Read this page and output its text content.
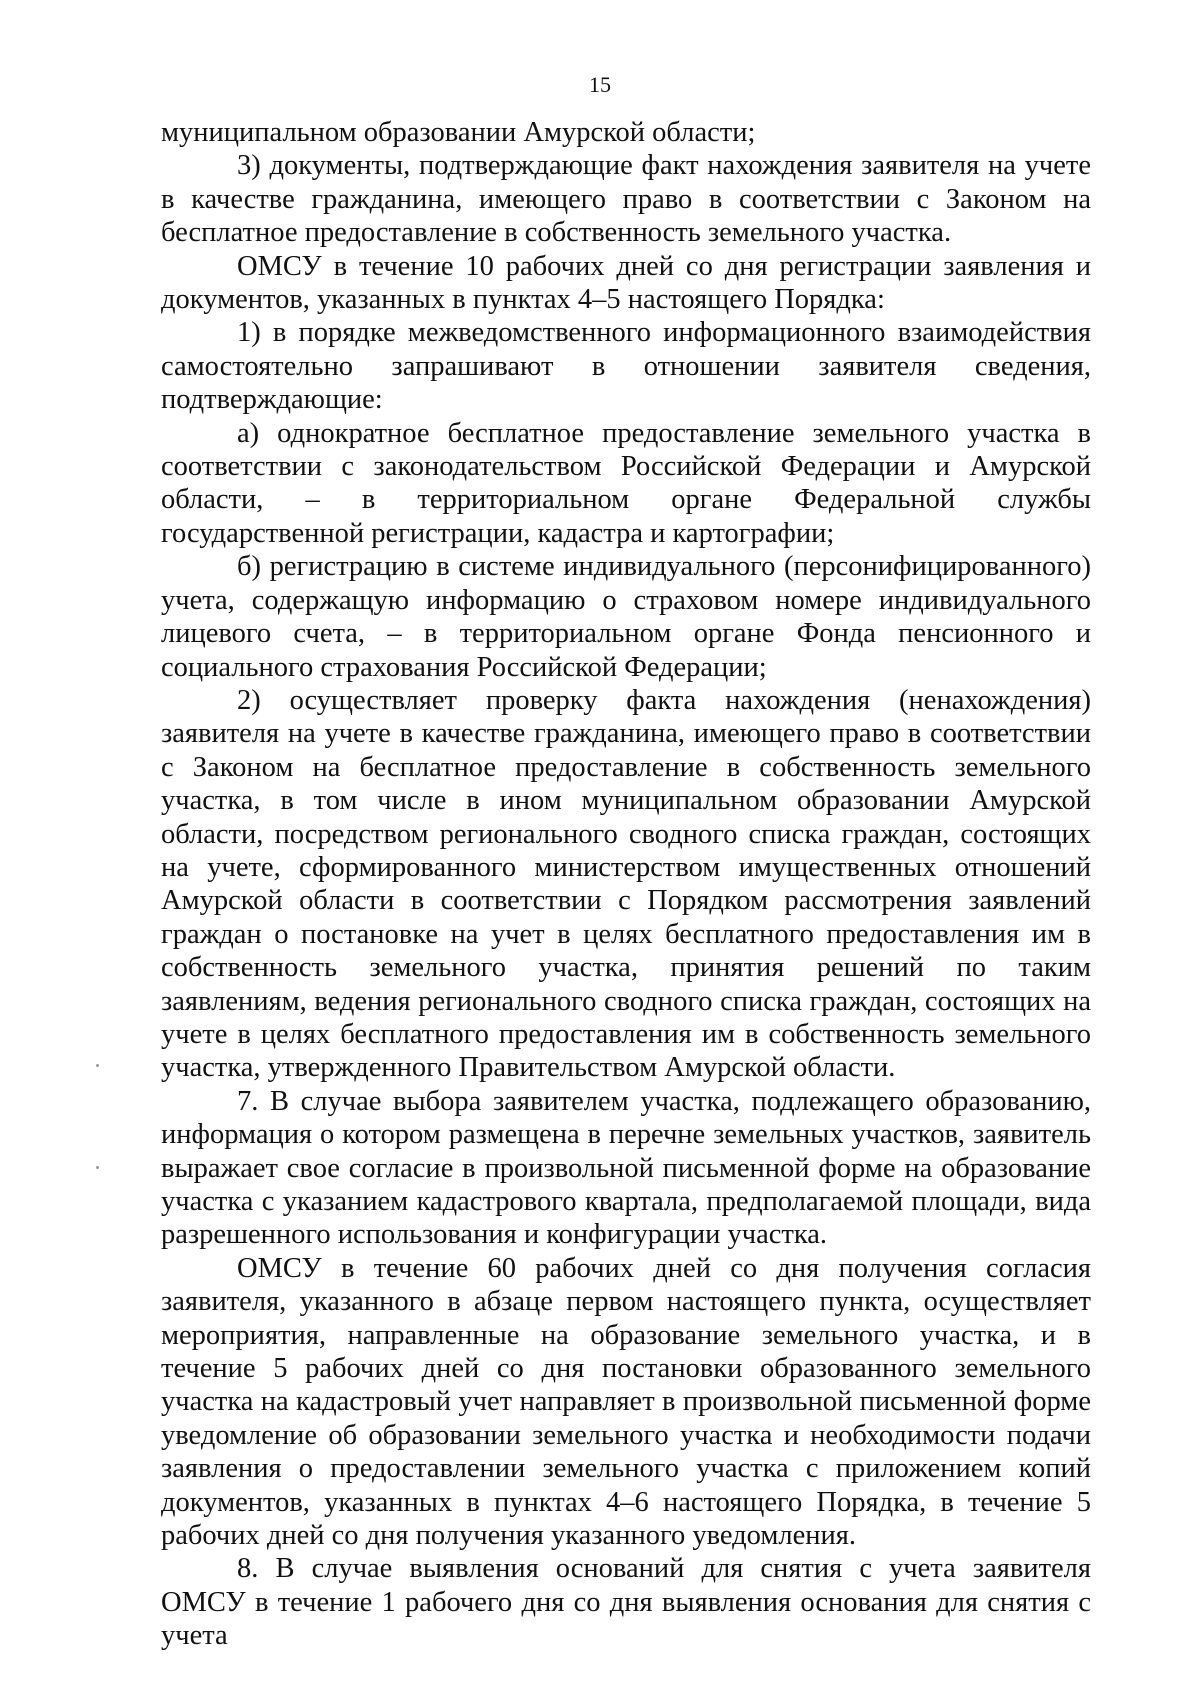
15

муниципальном образовании Амурской области;

3) документы, подтверждающие факт нахождения заявителя на учете в качестве гражданина, имеющего право в соответствии с Законом на бесплатное предоставление в собственность земельного участка.

ОМСУ в течение 10 рабочих дней со дня регистрации заявления и документов, указанных в пунктах 4–5 настоящего Порядка:

1) в порядке межведомственного информационного взаимодействия самостоятельно запрашивают в отношении заявителя сведения, подтверждающие:

а) однократное бесплатное предоставление земельного участка в соответствии с законодательством Российской Федерации и Амурской области, – в территориальном органе Федеральной службы государственной регистрации, кадастра и картографии;

б) регистрацию в системе индивидуального (персонифицированного) учета, содержащую информацию о страховом номере индивидуального лицевого счета, – в территориальном органе Фонда пенсионного и социального страхования Российской Федерации;

2) осуществляет проверку факта нахождения (ненахождения) заявителя на учете в качестве гражданина, имеющего право в соответствии с Законом на бесплатное предоставление в собственность земельного участка, в том числе в ином муниципальном образовании Амурской области, посредством регионального сводного списка граждан, состоящих на учете, сформированного министерством имущественных отношений Амурской области в соответствии с Порядком рассмотрения заявлений граждан о постановке на учет в целях бесплатного предоставления им в собственность земельного участка, принятия решений по таким заявлениям, ведения регионального сводного списка граждан, состоящих на учете в целях бесплатного предоставления им в собственность земельного участка, утвержденного Правительством Амурской области.

7. В случае выбора заявителем участка, подлежащего образованию, информация о котором размещена в перечне земельных участков, заявитель выражает свое согласие в произвольной письменной форме на образование участка с указанием кадастрового квартала, предполагаемой площади, вида разрешенного использования и конфигурации участка.

ОМСУ в течение 60 рабочих дней со дня получения согласия заявителя, указанного в абзаце первом настоящего пункта, осуществляет мероприятия, направленные на образование земельного участка, и в течение 5 рабочих дней со дня постановки образованного земельного участка на кадастровый учет направляет в произвольной письменной форме уведомление об образовании земельного участка и необходимости подачи заявления о предоставлении земельного участка с приложением копий документов, указанных в пунктах 4–6 настоящего Порядка, в течение 5 рабочих дней со дня получения указанного уведомления.

8. В случае выявления оснований для снятия с учета заявителя ОМСУ в течение 1 рабочего дня со дня выявления основания для снятия с учета
